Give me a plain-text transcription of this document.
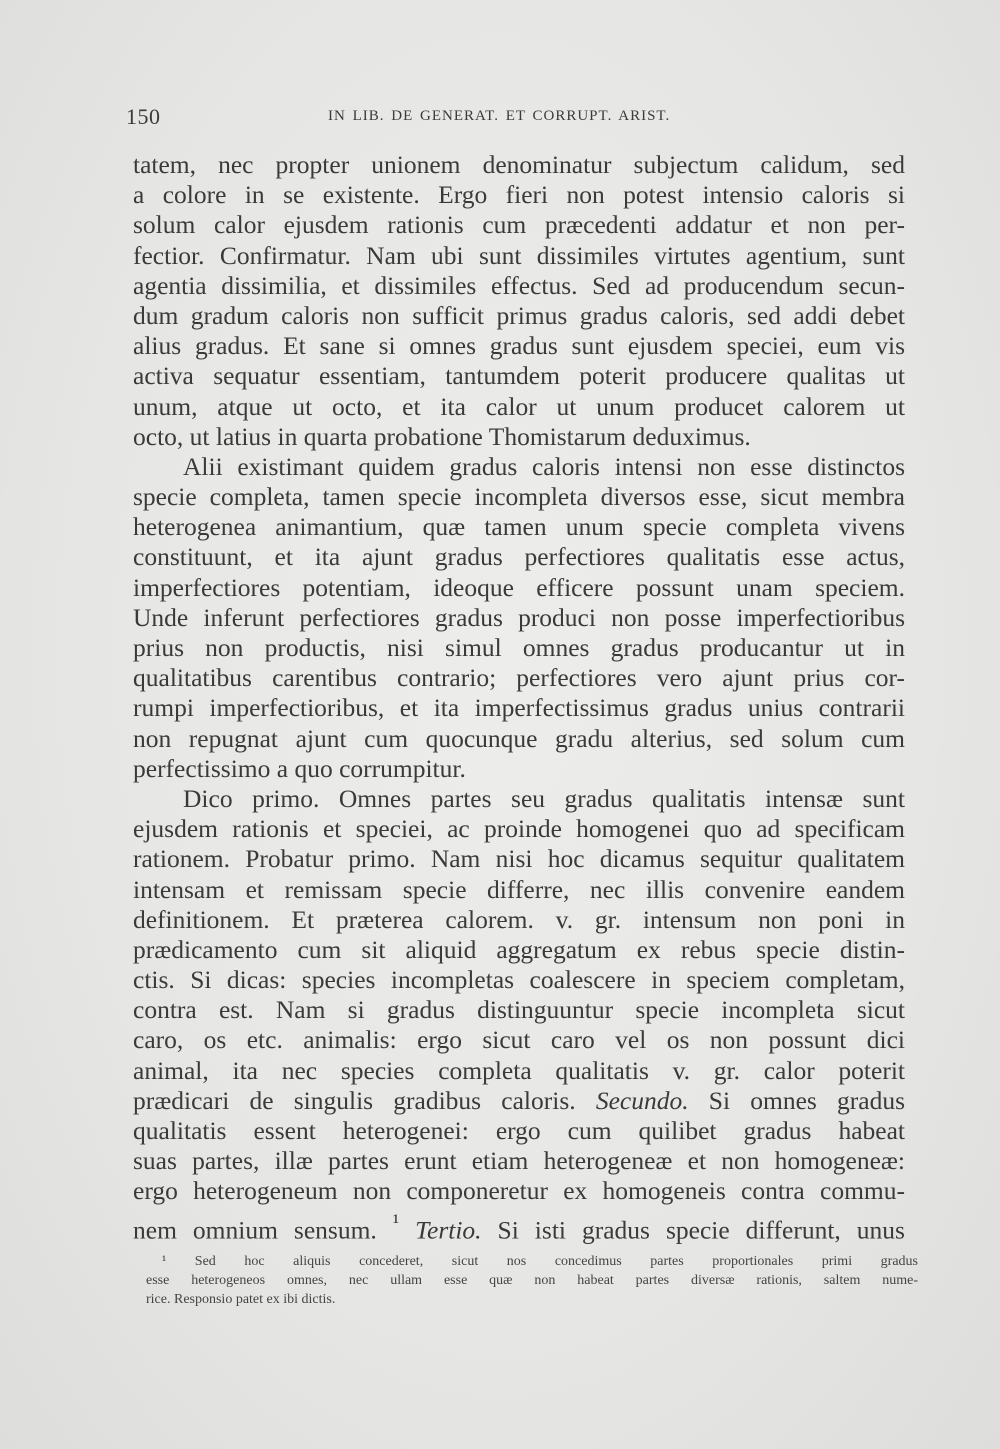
150	IN LIB. DE GENERAT. ET CORRUPT. ARIST.
tatem, nec propter unionem denominatur subjectum calidum, sed
a colore in se existente. Ergo fieri non potest intensio caloris si
solum calor ejusdem rationis cum præcedenti addatur et non per-
fectior. Confirmatur. Nam ubi sunt dissimiles virtutes agentium, sunt
agentia dissimilia, et dissimiles effectus. Sed ad producendum secun-
dum gradum caloris non sufficit primus gradus caloris, sed addi debet
alius gradus. Et sane si omnes gradus sunt ejusdem speciei, eum vis
activa sequatur essentiam, tantumdem poterit producere qualitas ut
unum, atque ut octo, et ita calor ut unum producet calorem ut
octo, ut latius in quarta probatione Thomistarum deduximus.
Alii existimant quidem gradus caloris intensi non esse distinctos
specie completa, tamen specie incompleta diversos esse, sicut membra
heterogenea animantium, quæ tamen unum specie completa vivens
constituunt, et ita ajunt gradus perfectiores qualitatis esse actus,
imperfectiores potentiam, ideoque efficere possunt unam speciem.
Unde inferunt perfectiores gradus produci non posse imperfectioribus
prius non productis, nisi simul omnes gradus producantur ut in
qualitatibus carentibus contrario; perfectiores vero ajunt prius cor-
rumpi imperfectioribus, et ita imperfectissimus gradus unius contrarii
non repugnat ajunt cum quocunque gradu alterius, sed solum cum
perfectissimo a quo corrumpitur.
Dico primo. Omnes partes seu gradus qualitatis intensæ sunt
ejusdem rationis et speciei, ac proinde homogenei quo ad specificam
rationem. Probatur primo. Nam nisi hoc dicamus sequitur qualitatem
intensam et remissam specie differre, nec illis convenire eandem
definitionem. Et præterea calorem. v. gr. intensum non poni in
prædicamento cum sit aliquid aggregatum ex rebus specie distin-
ctis. Si dicas: species incompletas coalescere in speciem completam,
contra est. Nam si gradus distinguuntur specie incompleta sicut
caro, os etc. animalis: ergo sicut caro vel os non possunt dici
animal, ita nec species completa qualitatis v. gr. calor poterit
prædicari de singulis gradibus caloris. Secundo. Si omnes gradus
qualitatis essent heterogenei: ergo cum quilibet gradus habeat
suas partes, illæ partes erunt etiam heterogeneæ et non homogeneæ:
ergo heterogeneum non componeretur ex homogeneis contra commu-
nem omnium sensum. $^{^1}$ Tertio. Si isti gradus specie differunt, unus
¹ Sed hoc aliquis concederet, sicut nos concedimus partes proportionales primi gradus
esse heterogeneos omnes, nec ullam esse quæ non habeat partes diversæ rationis, saltem nume-
rice. Responsio patet ex ibi dictis.
